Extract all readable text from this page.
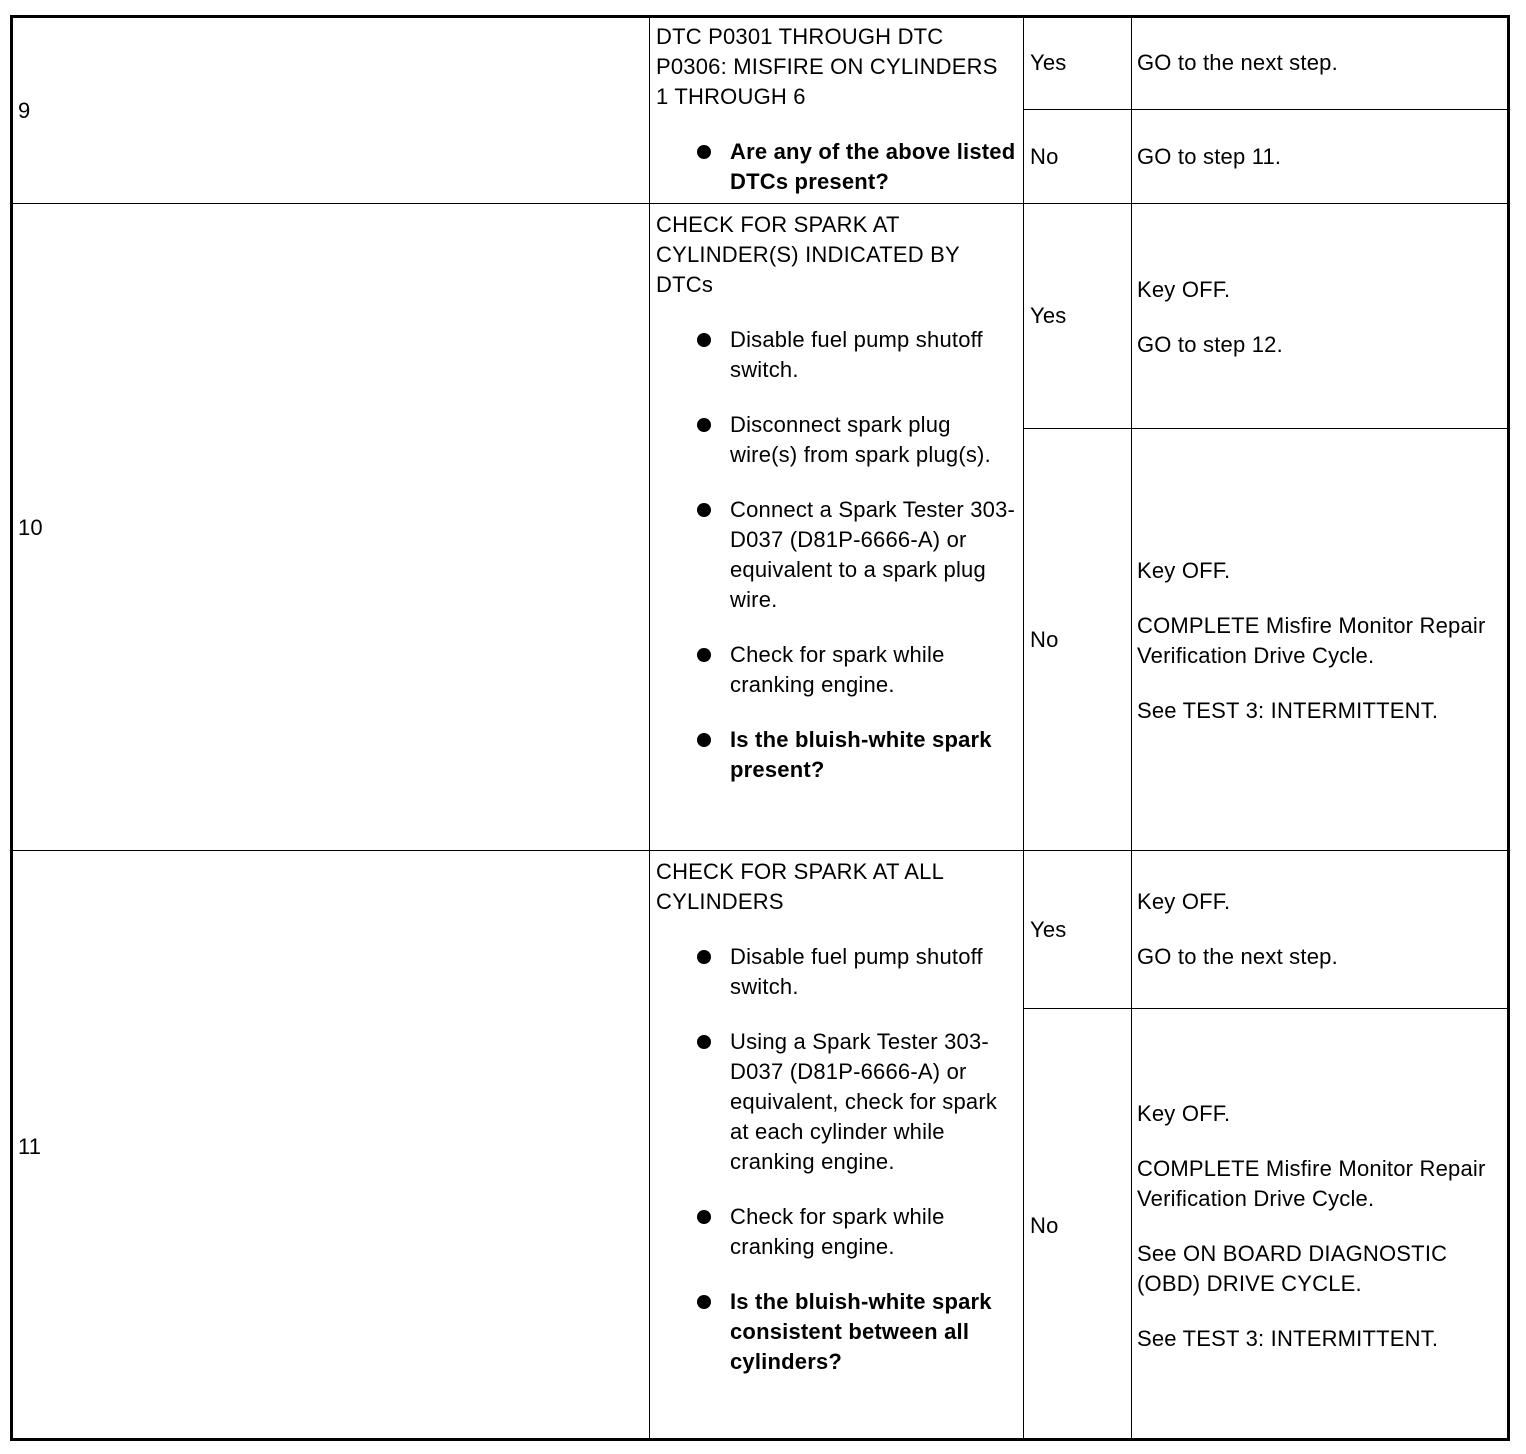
9
DTC P0301 THROUGH DTC P0306: MISFIRE ON CYLINDERS 1 THROUGH 6
Are any of the above listed DTCs present?
Yes	GO to the next step.

No	GO to step 11.

10
CHECK FOR SPARK AT CYLINDER(S) INDICATED BY DTCs
Disable fuel pump shutoff switch.
Disconnect spark plug wire(s) from spark plug(s).
Connect a Spark Tester 303-D037 (D81P-6666-A) or equivalent to a spark plug wire.
Check for spark while cranking engine.
Is the bluish-white spark present?
Yes

Key OFF.

GO to step 12.

No

Key OFF.

COMPLETE Misfire Monitor Repair Verification Drive Cycle.

See TEST 3: INTERMITTENT.

11
CHECK FOR SPARK AT ALL CYLINDERS
Disable fuel pump shutoff switch.
Using a Spark Tester 303-D037 (D81P-6666-A) or equivalent, check for spark at each cylinder while cranking engine.
Check for spark while cranking engine.
Is the bluish-white spark consistent between all cylinders?
Yes

Key OFF.

GO to the next step.

No

Key OFF.

COMPLETE Misfire Monitor Repair Verification Drive Cycle.

See ON BOARD DIAGNOSTIC (OBD) DRIVE CYCLE.

See TEST 3: INTERMITTENT.
